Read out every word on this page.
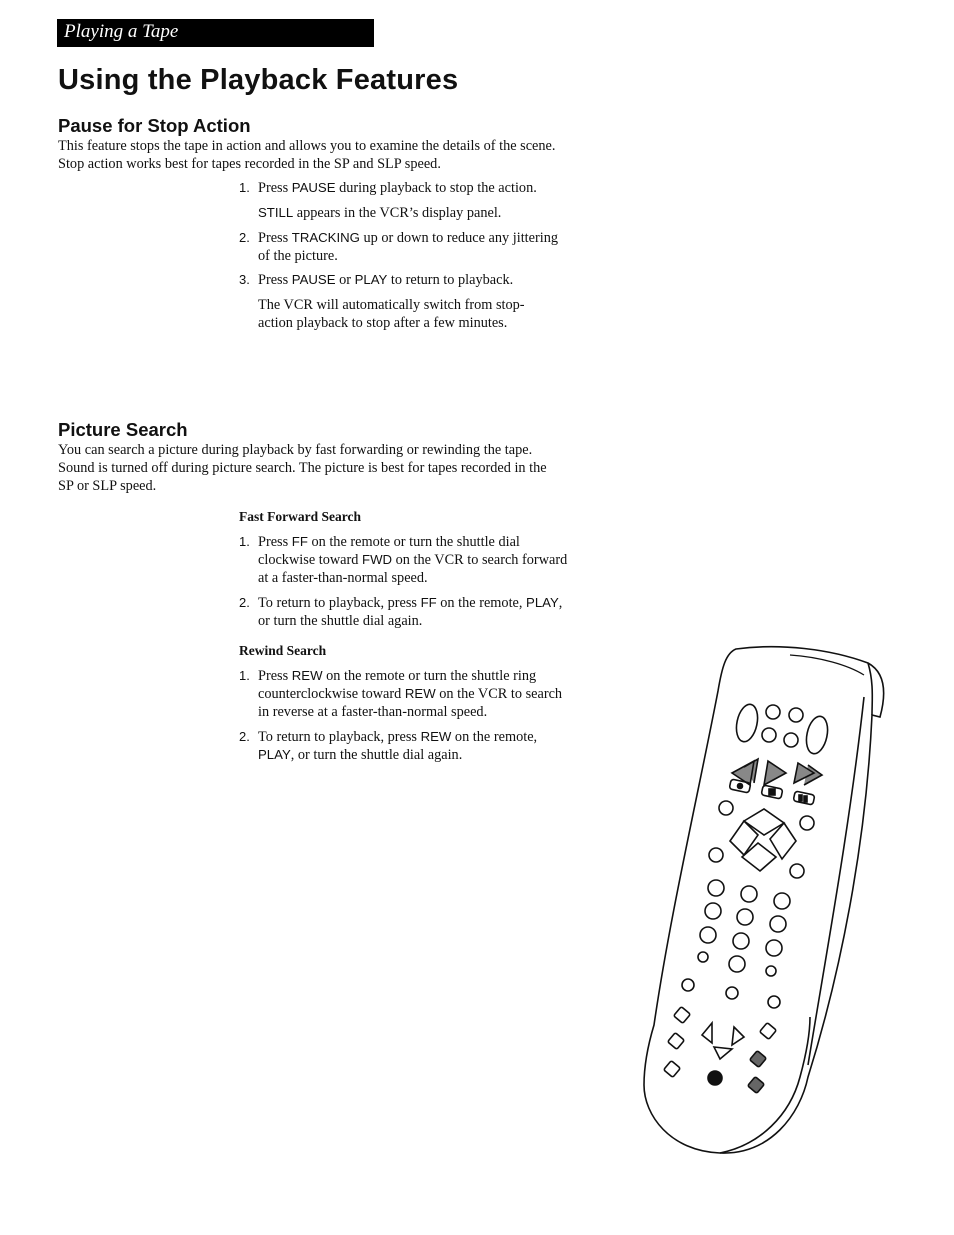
Playing a Tape
Using the Playback Features
Pause for Stop Action

This feature stops the tape in action and allows you to examine the details of the scene. Stop action works best for tapes recorded in the SP and SLP speed.

1. Press PAUSE during playback to stop the action.
STILL appears in the VCR’s display panel.
2. Press TRACKING up or down to reduce any jittering of the picture.
3. Press PAUSE or PLAY to return to playback.
The VCR will automatically switch from stop-action playback to stop after a few minutes.
Picture Search

You can search a picture during playback by fast forwarding or rewinding the tape. Sound is turned off during picture search. The picture is best for tapes recorded in the SP or SLP speed.

Fast Forward Search

1. Press FF on the remote or turn the shuttle dial clockwise toward FWD on the VCR to search forward at a faster-than-normal speed.
2. To return to playback, press FF on the remote, PLAY, or turn the shuttle dial again.

Rewind Search

1. Press REW on the remote or turn the shuttle ring counterclockwise toward REW on the VCR to search in reverse at a faster-than-normal speed.
2. To return to playback, press REW on the remote, PLAY, or turn the shuttle dial again.
